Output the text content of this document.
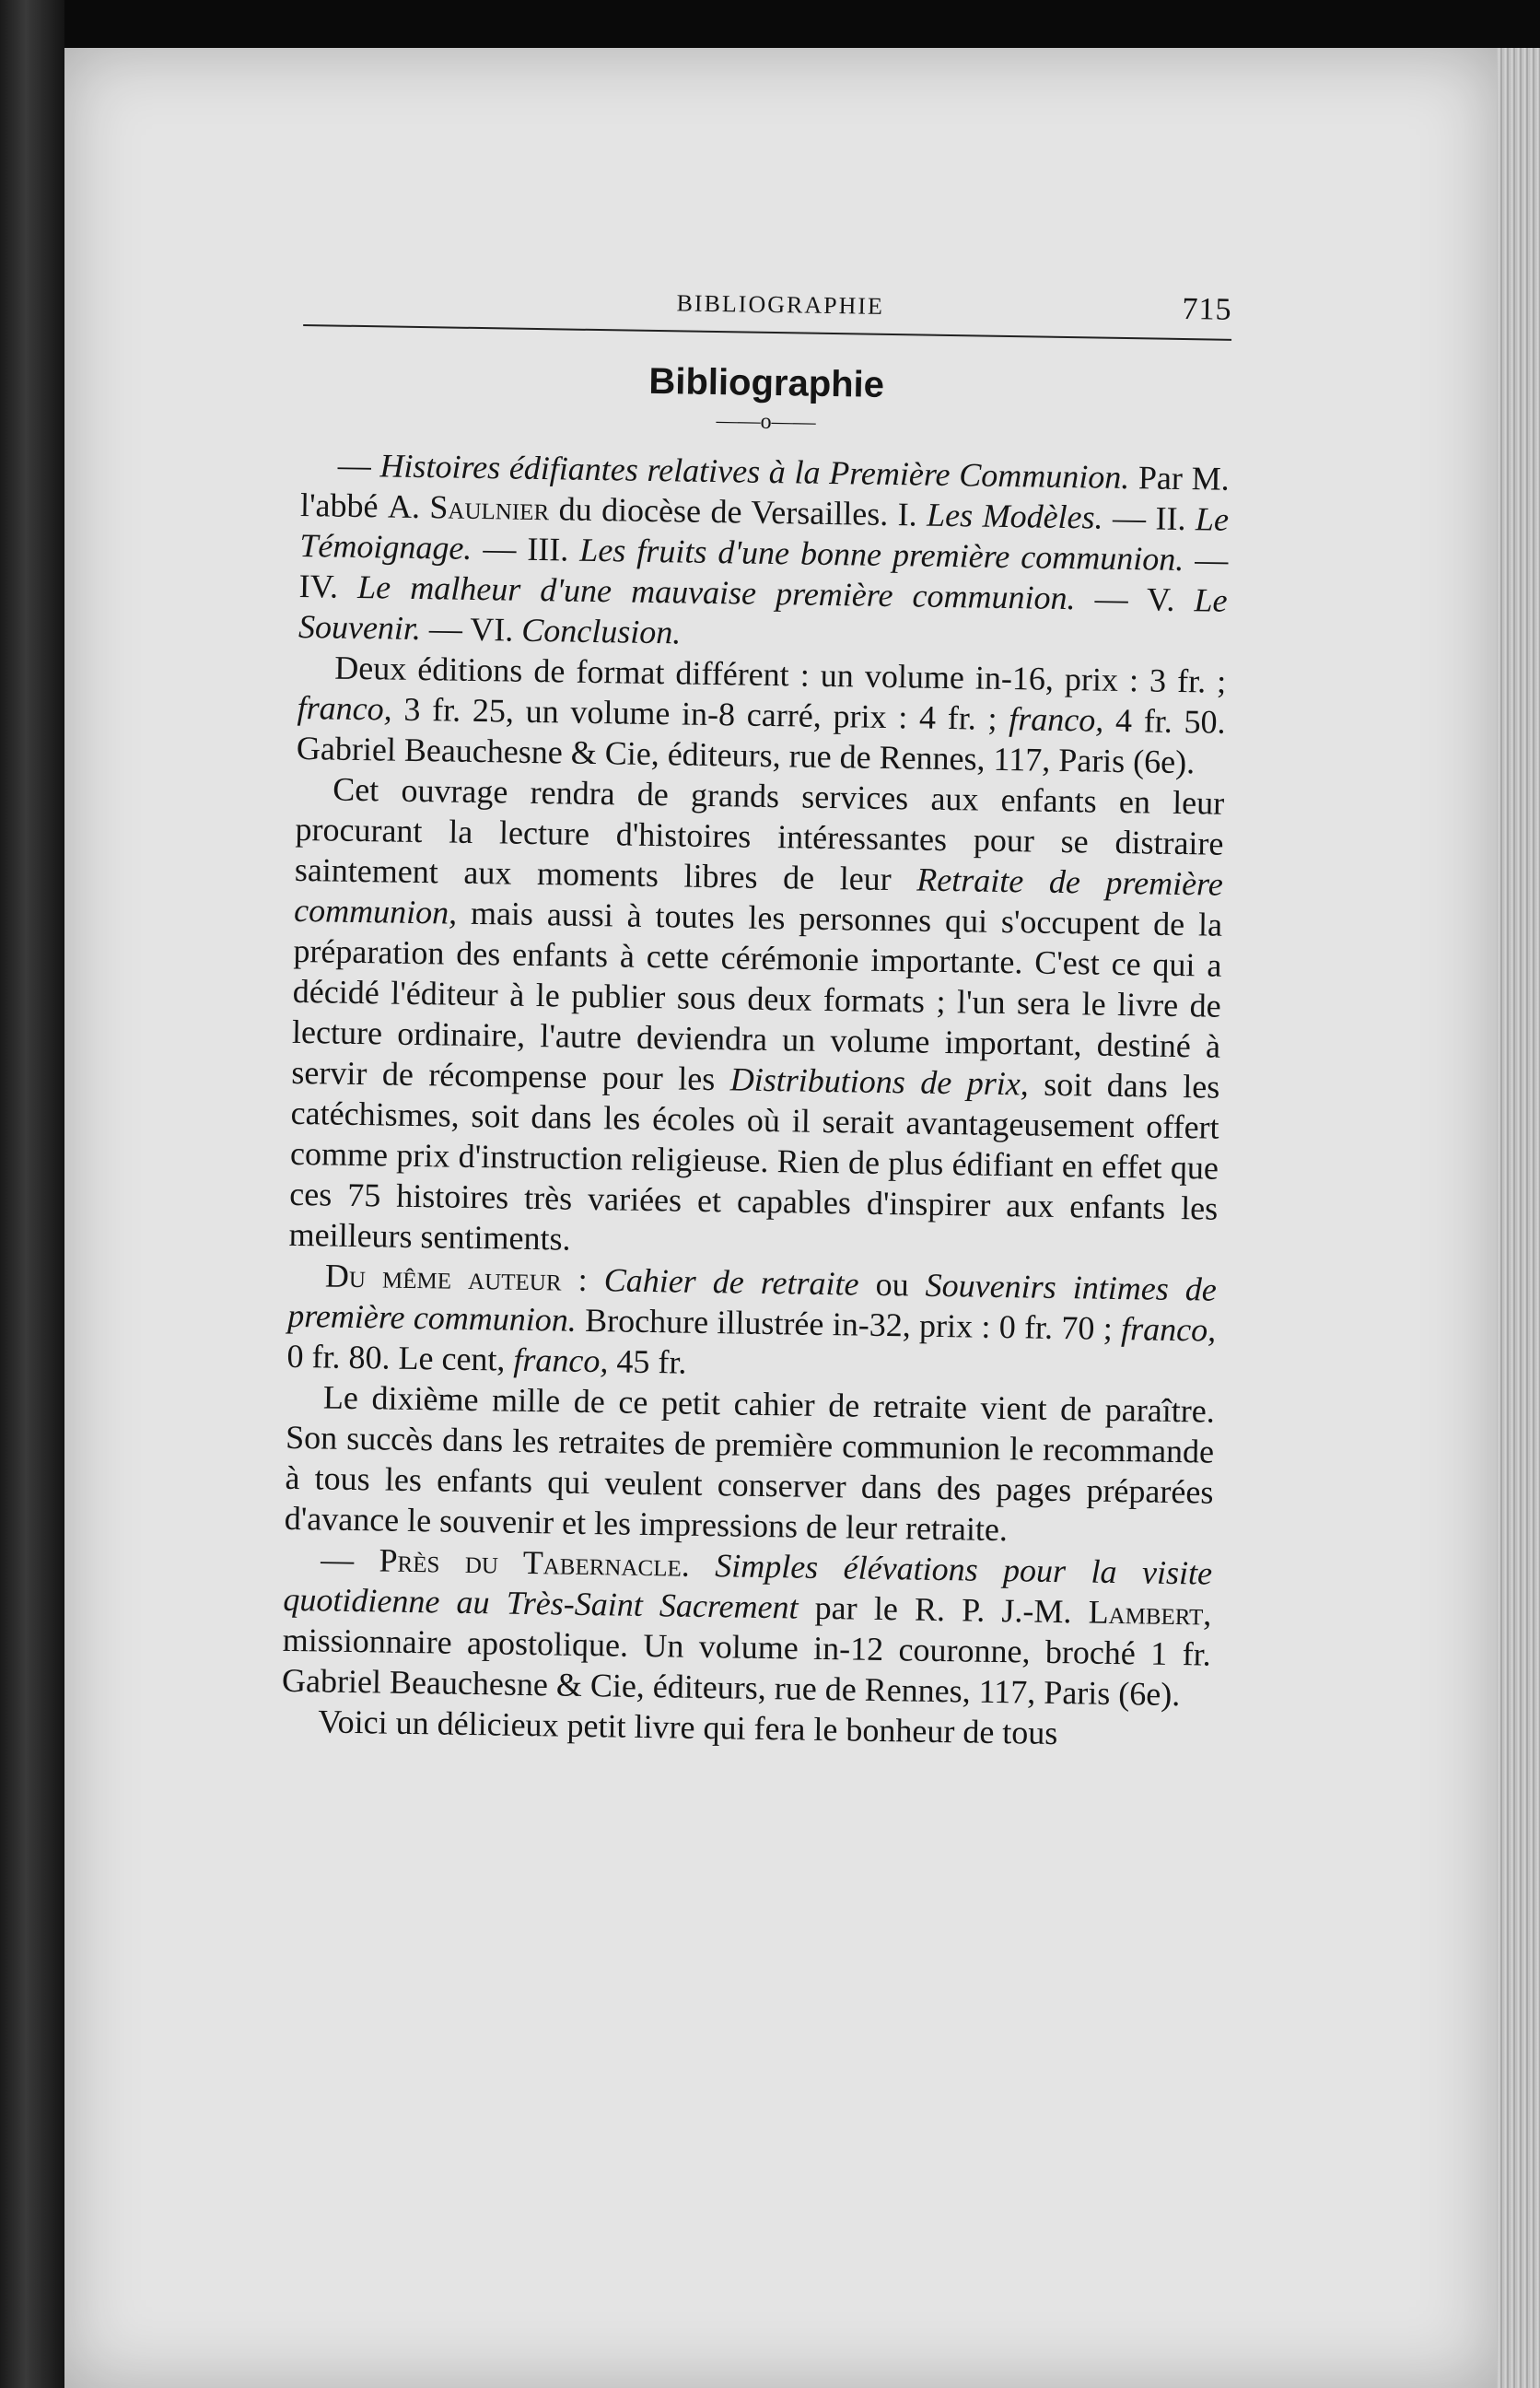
BIBLIOGRAPHIE	715
Bibliographie
——o——

— Histoires édifiantes relatives à la Première Communion. Par M. l'abbé A. Saulnier du diocèse de Versailles. I. Les Modèles. — II. Le Témoignage. — III. Les fruits d'une bonne première communion. — IV. Le malheur d'une mauvaise première communion. — V. Le Souvenir. — VI. Conclusion.

Deux éditions de format différent : un volume in-16, prix : 3 fr. ; franco, 3 fr. 25, un volume in-8 carré, prix : 4 fr. ; franco, 4 fr. 50. Gabriel Beauchesne & Cie, éditeurs, rue de Rennes, 117, Paris (6e).

Cet ouvrage rendra de grands services aux enfants en leur procurant la lecture d'histoires intéressantes pour se distraire saintement aux moments libres de leur Retraite de première communion, mais aussi à toutes les personnes qui s'occupent de la préparation des enfants à cette cérémonie importante. C'est ce qui a décidé l'éditeur à le publier sous deux formats ; l'un sera le livre de lecture ordinaire, l'autre deviendra un volume important, destiné à servir de récompense pour les Distributions de prix, soit dans les catéchismes, soit dans les écoles où il serait avantageusement offert comme prix d'instruction religieuse. Rien de plus édifiant en effet que ces 75 histoires très variées et capables d'inspirer aux enfants les meilleurs sentiments.

Du même auteur : Cahier de retraite ou Souvenirs intimes de première communion. Brochure illustrée in-32, prix : 0 fr. 70 ; franco, 0 fr. 80. Le cent, franco, 45 fr.

Le dixième mille de ce petit cahier de retraite vient de paraître. Son succès dans les retraites de première communion le recommande à tous les enfants qui veulent conserver dans des pages préparées d'avance le souvenir et les impressions de leur retraite.

— Près du Tabernacle. Simples élévations pour la visite quotidienne au Très-Saint Sacrement par le R. P. J.-M. Lambert, missionnaire apostolique. Un volume in-12 couronne, broché 1 fr. Gabriel Beauchesne & Cie, éditeurs, rue de Rennes, 117, Paris (6e).

Voici un délicieux petit livre qui fera le bonheur de tous
